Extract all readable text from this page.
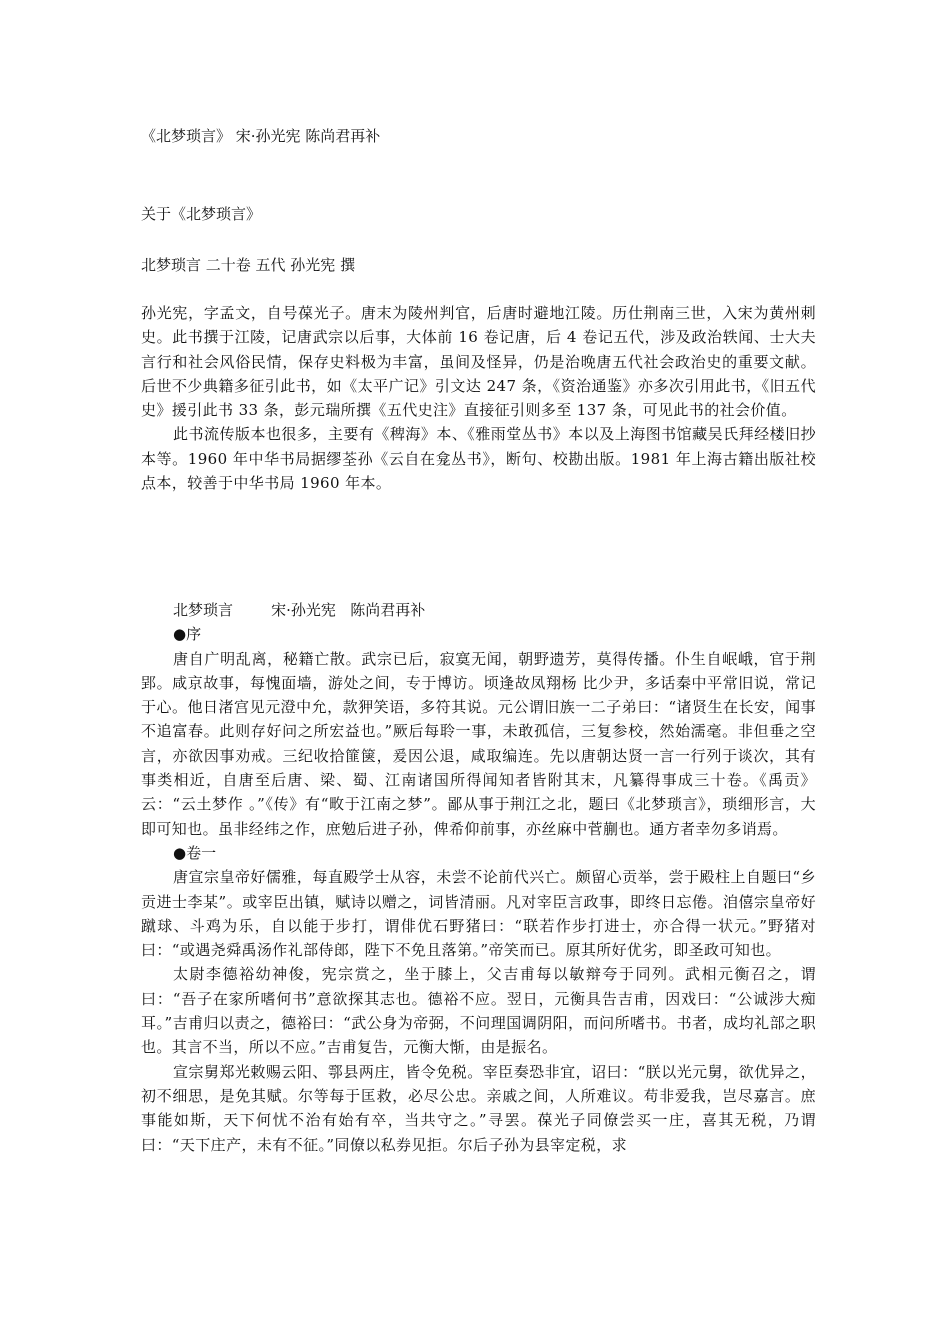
《北梦琐言》 宋·孙光宪 陈尚君再补
关于《北梦琐言》
北梦琐言 二十卷 五代 孙光宪 撰

孙光宪，字孟文，自号葆光子。唐末为陵州判官，后唐时避地江陵。历仕荆南三世，入宋为黄州刺史。此书撰于江陵，记唐武宗以后事，大体前 16 卷记唐，后 4 卷记五代，涉及政治轶闻、士大夫言行和社会风俗民情，保存史料极为丰富，虽间及怪异，仍是治晚唐五代社会政治史的重要文献。后世不少典籍多征引此书，如《太平广记》引文达 247 条，《资治通鉴》亦多次引用此书，《旧五代史》援引此书 33 条，彭元瑞所撰《五代史注》直接征引则多至 137 条，可见此书的社会价值。

此书流传版本也很多，主要有《稗海》本、《雅雨堂丛书》本以及上海图书馆藏吴氏拜经楼旧抄本等。1960 年中华书局据缪荃孙《云自在龛丛书》，断句、校勘出版。1981 年上海古籍出版社校点本，较善于中华书局 1960 年本。

北梦琐言        宋·孙光宪   陈尚君再补

●序

唐自广明乱离，秘籍亡散。武宗已后，寂寞无闻，朝野遗芳，莫得传播。仆生自岷峨，官于荆郢。咸京故事，每愧面墙，游处之间，专于博访。顷逢故凤翔杨 比少尹，多话秦中平常旧说，常记于心。他日渚宫见元澄中允，款狎笑语，多符其说。元公谓旧族一二子弟曰：“诸贤生在长安，闻事不追富春。此则存好问之所宏益也。”厥后每聆一事，未敢孤信，三复参校，然始濡毫。非但垂之空言，亦欲因事劝戒。三纪收拾篚箧，爰因公退，咸取编连。先以唐朝达贤一言一行列于谈次，其有事类相近，自唐至后唐、梁、蜀、江南诸国所得闻知者皆附其末，凡纂得事成三十卷。《禹贡》云：“云土梦作 。”《传》有“畋于江南之梦”。鄙从事于荆江之北，题曰《北梦琐言》，琐细形言，大即可知也。虽非经纬之作，庶勉后进子孙，俾希仰前事，亦丝麻中菅蒯也。通方者幸勿多诮焉。

●卷一

唐宣宗皇帝好儒雅，每直殿学士从容，未尝不论前代兴亡。颇留心贡举，尝于殿柱上自题曰“乡贡进士李某”。或宰臣出镇，赋诗以赠之，词皆清丽。凡对宰臣言政事，即终日忘倦。洎僖宗皇帝好蹴球、斗鸡为乐，自以能于步打，谓俳优石野猪曰：“联若作步打进士，亦合得一状元。”野猪对曰：“或遇尧舜禹汤作礼部侍郎，陛下不免且落第。”帝笑而已。原其所好优劣，即圣政可知也。

太尉李德裕幼神俊，宪宗赏之，坐于膝上，父吉甫每以敏辩夸于同列。武相元衡召之，谓曰：“吾子在家所嗜何书”意欲探其志也。德裕不应。翌日，元衡具告吉甫，因戏曰：“公诚涉大痴耳。”吉甫归以责之，德裕曰：“武公身为帝弼，不问理国调阴阳，而问所嗜书。书者，成均礼部之职也。其言不当，所以不应。”吉甫复告，元衡大惭，由是振名。

宣宗舅郑光敕赐云阳、鄠县两庄，皆令免税。宰臣奏恐非宜，诏曰：“朕以光元舅，欲优异之，初不细思，是免其赋。尔等每于匡救，必尽公忠。亲戚之间，人所难议。苟非爱我，岂尽嘉言。庶事能如斯，天下何忧不治有始有卒，当共守之。”寻罢。葆光子同僚尝买一庄，喜其无税，乃谓曰：“天下庄产，未有不征。”同僚以私券见拒。尔后子孙为县宰定税，求
